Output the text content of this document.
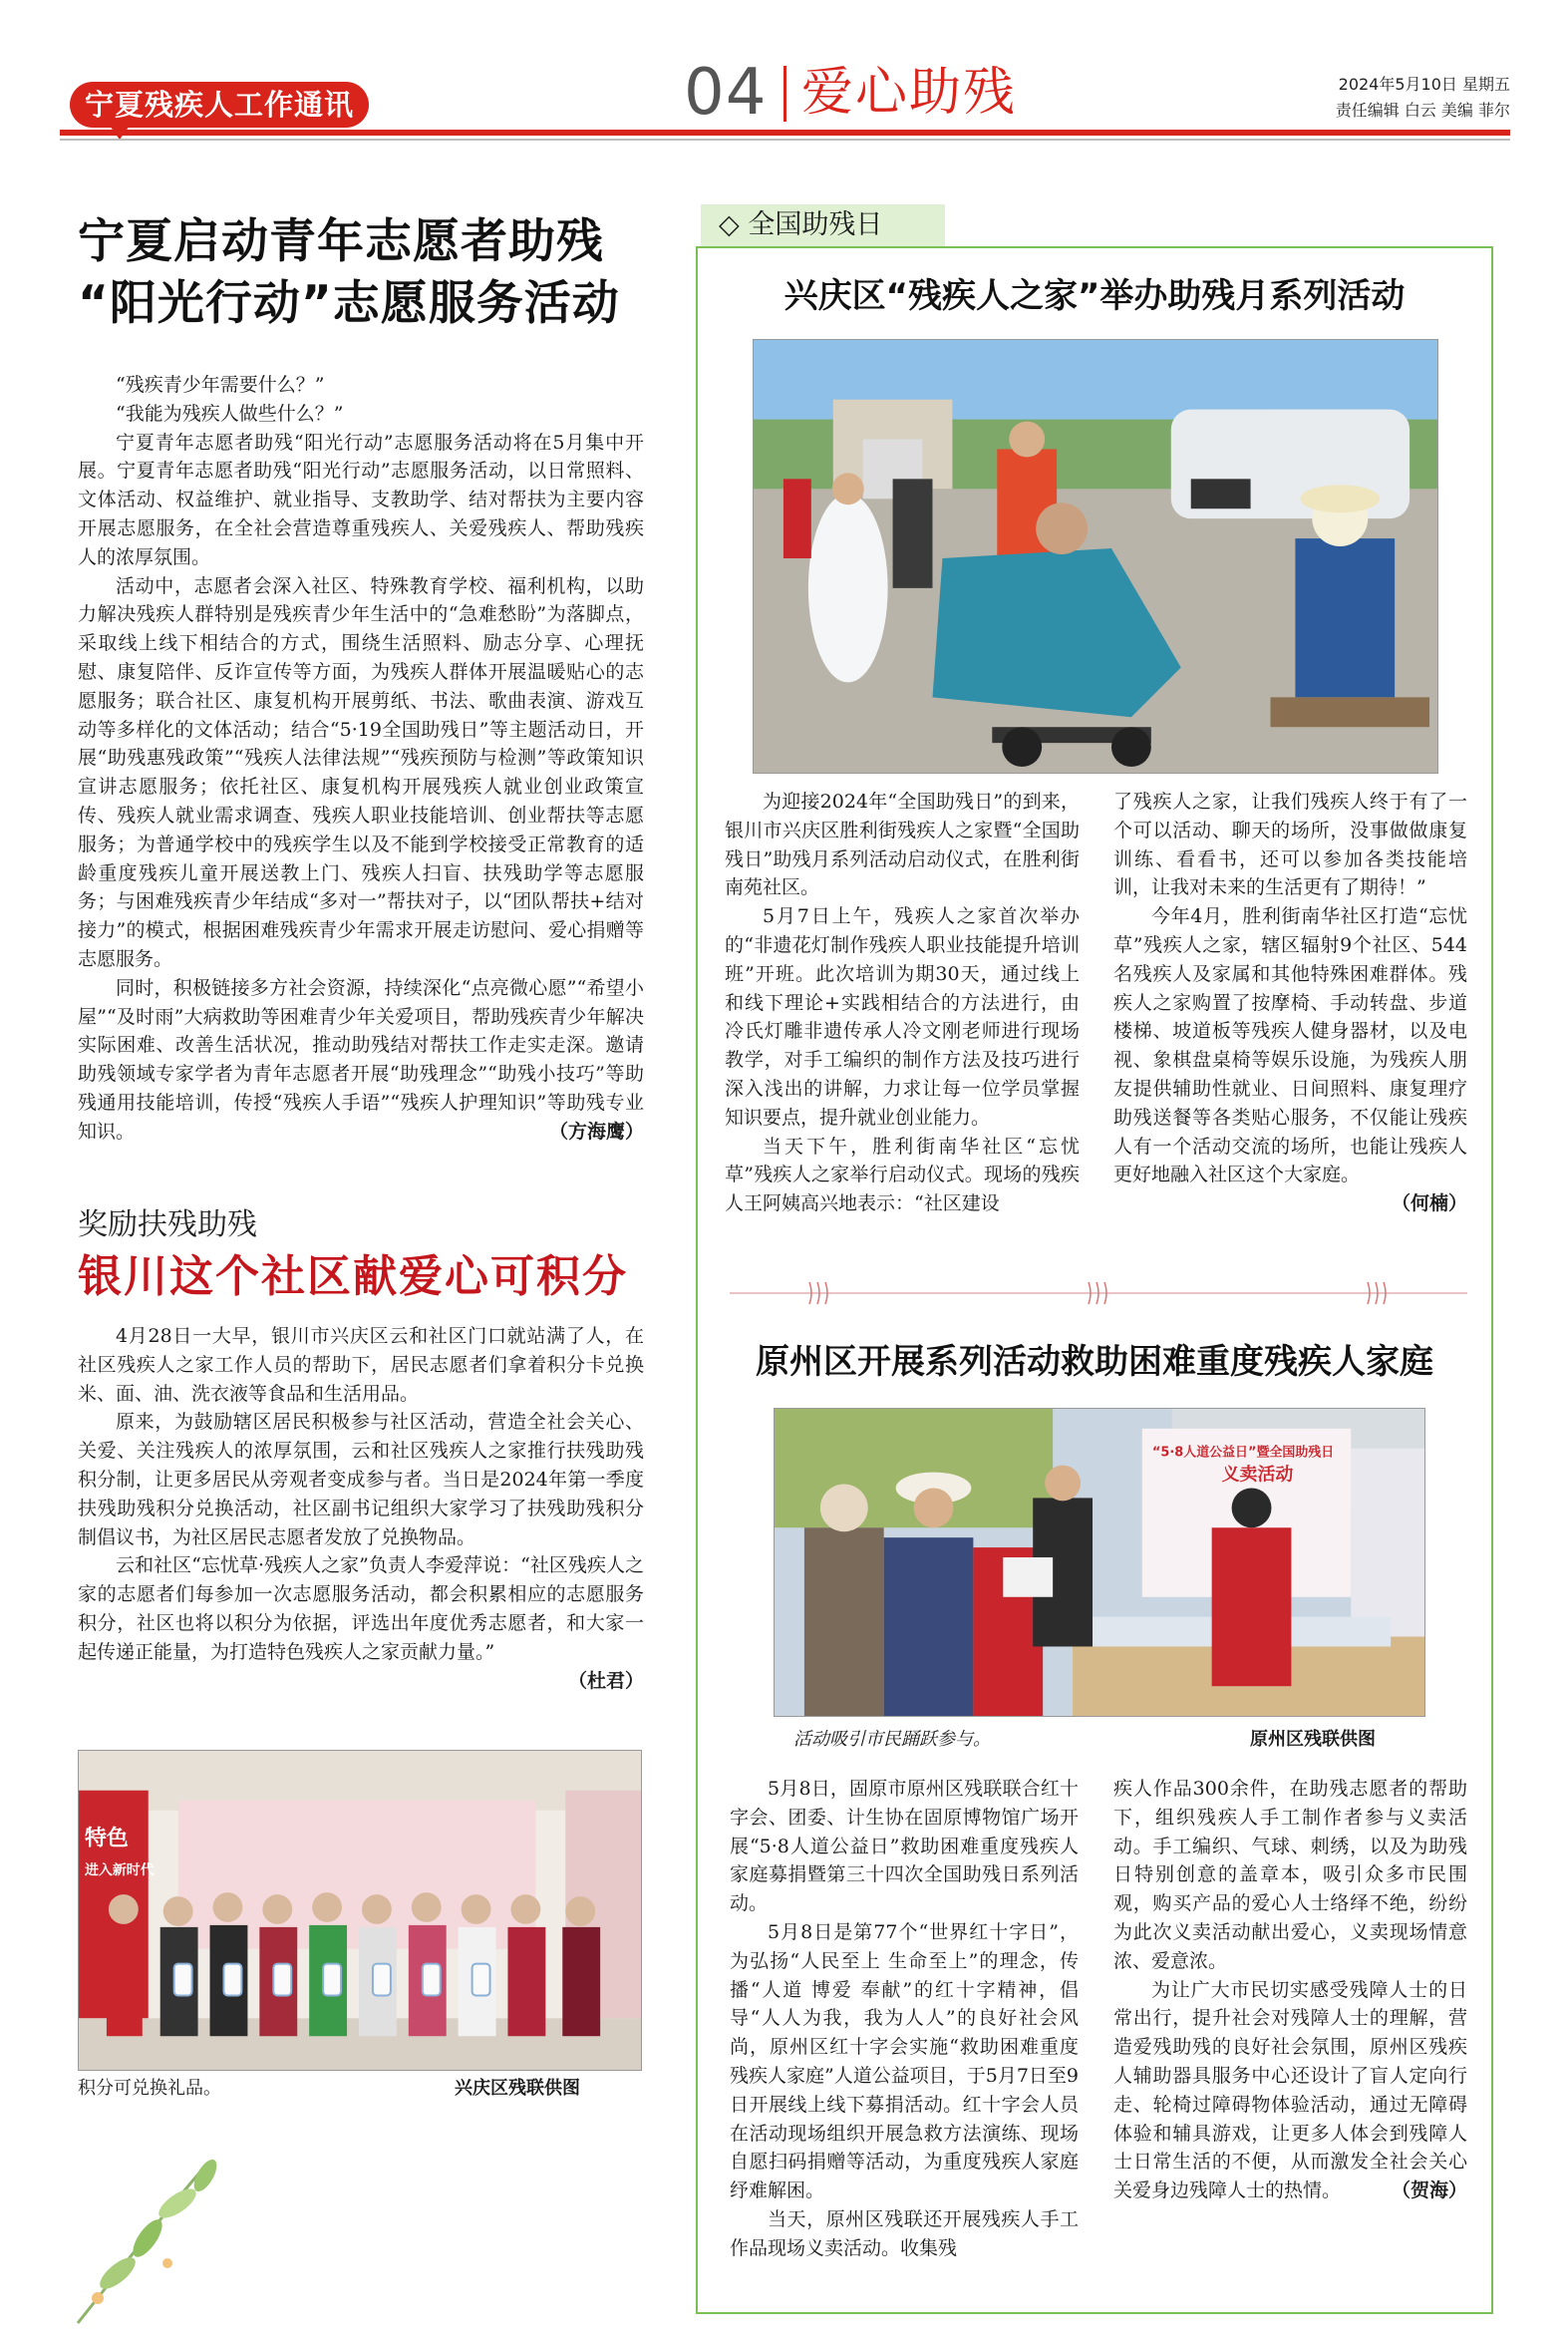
宁夏残疾人工作通讯	04 爱心助残	2024年5月10日 星期五
责任编辑 白云 美编 菲尔
宁夏启动青年志愿者助残
“阳光行动”志愿服务活动

“残疾青少年需要什么？”

“我能为残疾人做些什么？”

宁夏青年志愿者助残“阳光行动”志愿服务活动将在5月集中开展。宁夏青年志愿者助残“阳光行动”志愿服务活动，以日常照料、文体活动、权益维护、就业指导、支教助学、结对帮扶为主要内容开展志愿服务，在全社会营造尊重残疾人、关爱残疾人、帮助残疾人的浓厚氛围。

活动中，志愿者会深入社区、特殊教育学校、福利机构，以助力解决残疾人群特别是残疾青少年生活中的“急难愁盼”为落脚点，采取线上线下相结合的方式，围绕生活照料、励志分享、心理抚慰、康复陪伴、反诈宣传等方面，为残疾人群体开展温暖贴心的志愿服务；联合社区、康复机构开展剪纸、书法、歌曲表演、游戏互动等多样化的文体活动；结合“5·19全国助残日”等主题活动日，开展“助残惠残政策”“残疾人法律法规”“残疾预防与检测”等政策知识宣讲志愿服务；依托社区、康复机构开展残疾人就业创业政策宣传、残疾人就业需求调查、残疾人职业技能培训、创业帮扶等志愿服务；为普通学校中的残疾学生以及不能到学校接受正常教育的适龄重度残疾儿童开展送教上门、残疾人扫盲、扶残助学等志愿服务；与困难残疾青少年结成“多对一”帮扶对子，以“团队帮扶+结对接力”的模式，根据困难残疾青少年需求开展走访慰问、爱心捐赠等志愿服务。

同时，积极链接多方社会资源，持续深化“点亮微心愿”“希望小屋”“及时雨”大病救助等困难青少年关爱项目，帮助残疾青少年解决实际困难、改善生活状况，推动助残结对帮扶工作走实走深。邀请助残领域专家学者为青年志愿者开展“助残理念”“助残小技巧”等助残通用技能培训，传授“残疾人手语”“残疾人护理知识”等助残专业知识。	（方海鹰）
奖励扶残助残
银川这个社区献爱心可积分

4月28日一大早，银川市兴庆区云和社区门口就站满了人，在社区残疾人之家工作人员的帮助下，居民志愿者们拿着积分卡兑换米、面、油、洗衣液等食品和生活用品。

原来，为鼓励辖区居民积极参与社区活动，营造全社会关心、关爱、关注残疾人的浓厚氛围，云和社区残疾人之家推行扶残助残积分制，让更多居民从旁观者变成参与者。当日是2024年第一季度扶残助残积分兑换活动，社区副书记组织大家学习了扶残助残积分制倡议书，为社区居民志愿者发放了兑换物品。

云和社区“忘忧草·残疾人之家”负责人李爱萍说：“社区残疾人之家的志愿者们每参加一次志愿服务活动，都会积累相应的志愿服务积分，社区也将以积分为依据，评选出年度优秀志愿者，和大家一起传递正能量，为打造特色残疾人之家贡献力量。”

（杜君）
特色
进入新时代
积分可兑换礼品。	兴庆区残联供图
◇ 全国助残日
兴庆区“残疾人之家”举办助残月系列活动

为迎接2024年“全国助残日”的到来，银川市兴庆区胜利街残疾人之家暨“全国助残日”助残月系列活动启动仪式，在胜利街南苑社区。

5月7日上午，残疾人之家首次举办的“非遗花灯制作残疾人职业技能提升培训班”开班。此次培训为期30天，通过线上和线下理论+实践相结合的方法进行，由冷氏灯雕非遗传承人冷文刚老师进行现场教学，对手工编织的制作方法及技巧进行深入浅出的讲解，力求让每一位学员掌握知识要点，提升就业创业能力。

当天下午，胜利街南华社区“忘忧草”残疾人之家举行启动仪式。现场的残疾人王阿姨高兴地表示：“社区建设

了残疾人之家，让我们残疾人终于有了一个可以活动、聊天的场所，没事做做康复训练、看看书，还可以参加各类技能培训，让我对未来的生活更有了期待！”

今年4月，胜利街南华社区打造“忘忧草”残疾人之家，辖区辐射9个社区、544名残疾人及家属和其他特殊困难群体。残疾人之家购置了按摩椅、手动转盘、步道楼梯、坡道板等残疾人健身器材，以及电视、象棋盘桌椅等娱乐设施，为残疾人朋友提供辅助性就业、日间照料、康复理疗助残送餐等各类贴心服务，不仅能让残疾人有一个活动交流的场所，也能让残疾人更好地融入社区这个大家庭。

（何楠）
原州区开展系列活动救助困难重度残疾人家庭
“5·8人道公益日”暨全国助残日
义卖活动
活动吸引市民踊跃参与。	原州区残联供图

5月8日，固原市原州区残联联合红十字会、团委、计生协在固原博物馆广场开展“5·8人道公益日”救助困难重度残疾人家庭募捐暨第三十四次全国助残日系列活动。

5月8日是第77个“世界红十字日”，为弘扬“人民至上 生命至上”的理念，传播“人道 博爱 奉献”的红十字精神，倡导“人人为我，我为人人”的良好社会风尚，原州区红十字会实施“救助困难重度残疾人家庭”人道公益项目，于5月7日至9日开展线上线下募捐活动。红十字会人员在活动现场组织开展急救方法演练、现场自愿扫码捐赠等活动，为重度残疾人家庭纾难解困。

当天，原州区残联还开展残疾人手工作品现场义卖活动。收集残

疾人作品300余件，在助残志愿者的帮助下，组织残疾人手工制作者参与义卖活动。手工编织、气球、刺绣，以及为助残日特别创意的盖章本，吸引众多市民围观，购买产品的爱心人士络绎不绝，纷纷为此次义卖活动献出爱心，义卖现场情意浓、爱意浓。

为让广大市民切实感受残障人士的日常出行，提升社会对残障人士的理解，营造爱残助残的良好社会氛围，原州区残疾人辅助器具服务中心还设计了盲人定向行走、轮椅过障碍物体验活动，通过无障碍体验和辅具游戏，让更多人体会到残障人士日常生活的不便，从而激发全社会关心关爱身边残障人士的热情。	（贺海）
